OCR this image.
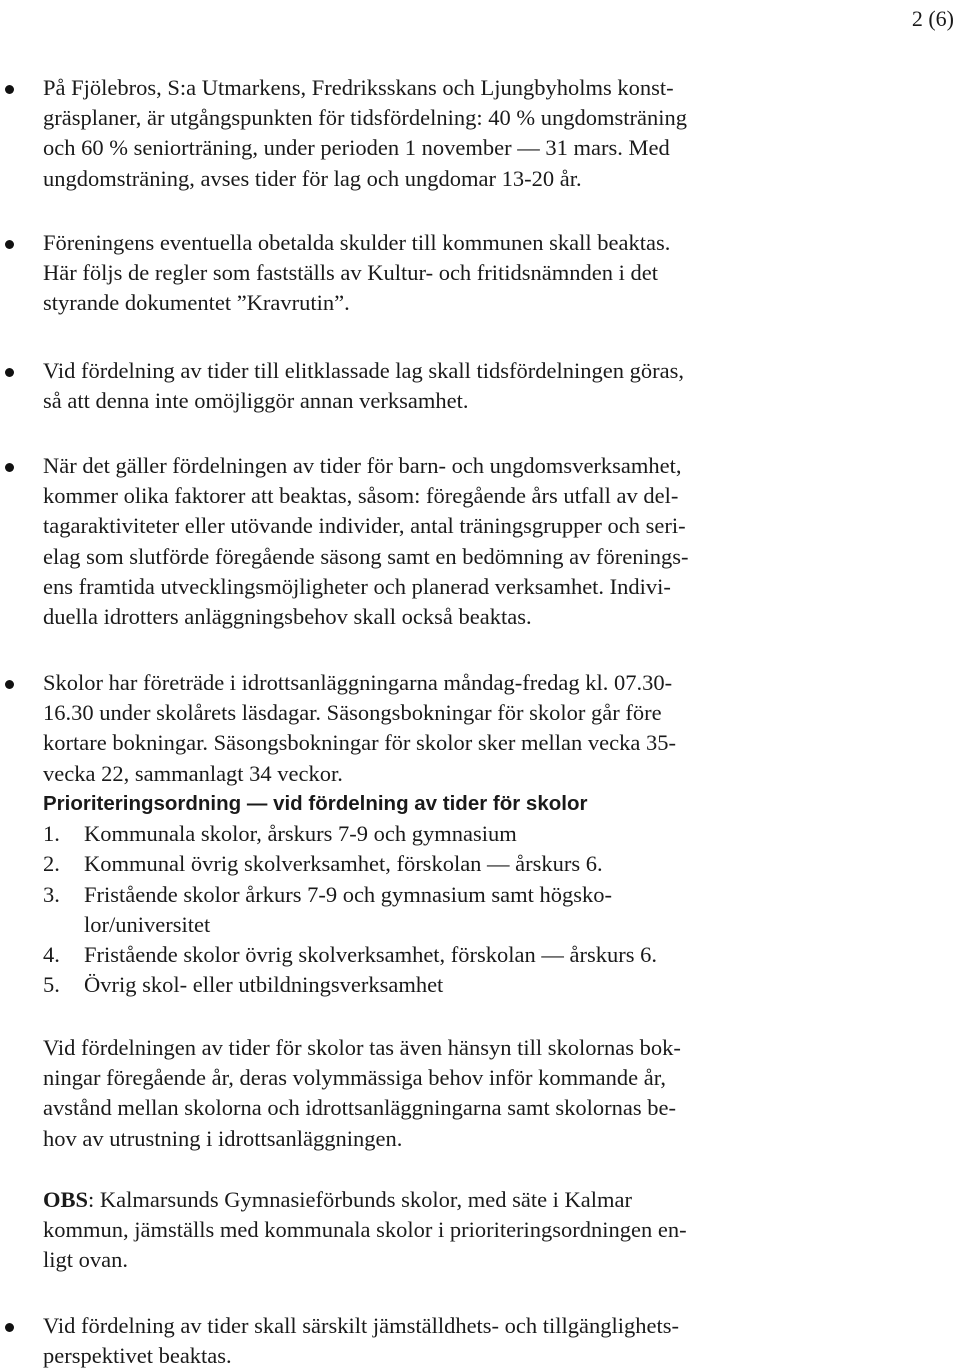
2 (6)
På Fjölebros, S:a Utmarkens, Fredriksskans och Ljungbyholms konst-
gräsplaner, är utgångspunkten för tidsfördelning: 40 % ungdomsträning
och 60 % seniorträning, under perioden 1 november — 31 mars. Med
ungdomsträning, avses tider för lag och ungdomar 13-20 år.
Föreningens eventuella obetalda skulder till kommunen skall beaktas.
Här följs de regler som fastställs av Kultur- och fritidsnämnden i det
styrande dokumentet ”Kravrutin”.
Vid fördelning av tider till elitklassade lag skall tidsfördelningen göras,
så att denna inte omöjliggör annan verksamhet.
När det gäller fördelningen av tider för barn- och ungdomsverksamhet,
kommer olika faktorer att beaktas, såsom: föregående års utfall av del-
tagaraktiviteter eller utövande individer, antal träningsgrupper och seri-
elag som slutförde föregående säsong samt en bedömning av förenings-
ens framtida utvecklingsmöjligheter och planerad verksamhet. Indivi-
duella idrotters anläggningsbehov skall också beaktas.
Skolor har företräde i idrottsanläggningarna måndag-fredag kl. 07.30-
16.30 under skolårets läsdagar. Säsongsbokningar för skolor går före
kortare bokningar. Säsongsbokningar för skolor sker mellan vecka 35-
vecka 22, sammanlagt 34 veckor.
Prioriteringsordning — vid fördelning av tider för skolor
1.	Kommunala skolor, årskurs 7-9 och gymnasium
2.	Kommunal övrig skolverksamhet, förskolan — årskurs 6.
3.	Fristående skolor årkurs 7-9 och gymnasium samt högsko-
lor/universitet
4.	Fristående skolor övrig skolverksamhet, förskolan — årskurs 6.
5.	Övrig skol- eller utbildningsverksamhet
Vid fördelningen av tider för skolor tas även hänsyn till skolornas bok-
ningar föregående år, deras volymmässiga behov inför kommande år,
avstånd mellan skolorna och idrottsanläggningarna samt skolornas be-
hov av utrustning i idrottsanläggningen.
OBS: Kalmarsunds Gymnasieförbunds skolor, med säte i Kalmar
kommun, jämställs med kommunala skolor i prioriteringsordningen en-
ligt ovan.
Vid fördelning av tider skall särskilt jämställdhets- och tillgänglighets-
perspektivet beaktas.
